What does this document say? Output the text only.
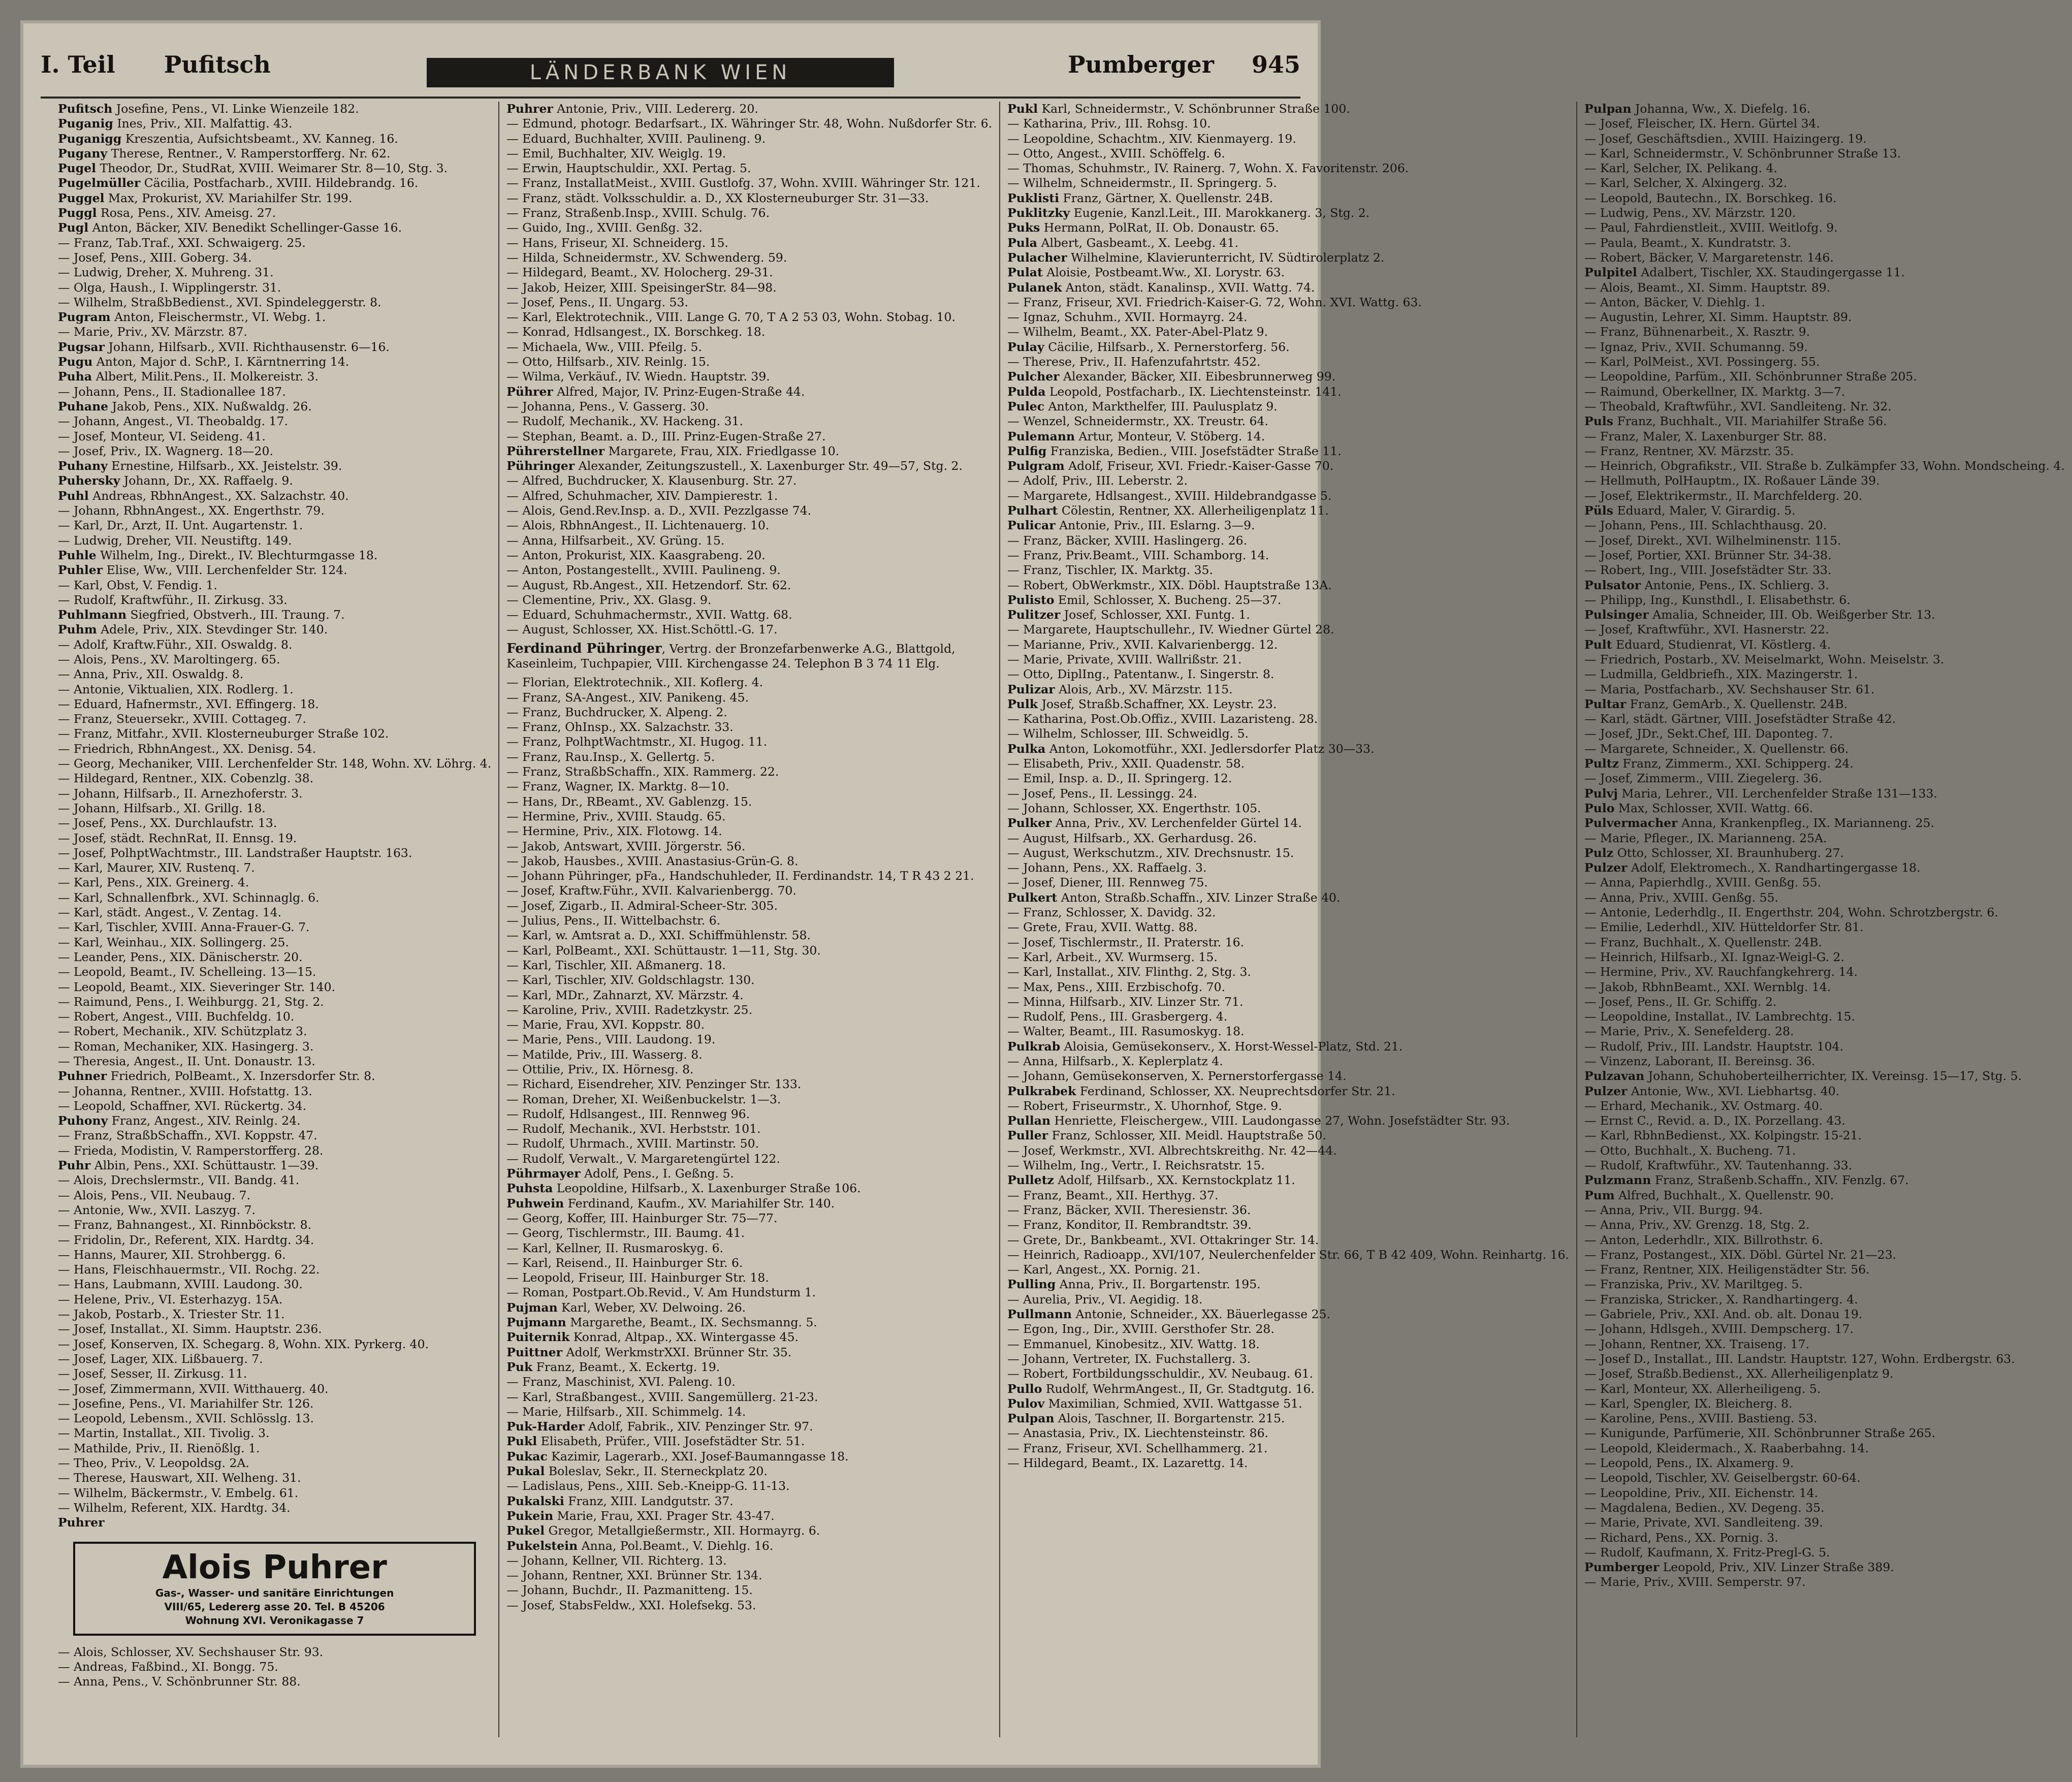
I. Teil Pufitsch	LÄNDERBANK WIEN	Pumberger 945
Pufitsch Josefine, Pens., VI. Linke Wienzeile 182.
Puganig Ines, Priv., XII. Malfattig. 43.
Puganigg Kreszentia, Aufsichtsbeamt., XV. Kanneg. 16.
Pugany Therese, Rentner., V. Ramperstorfferg. Nr. 62.
Pugel Theodor, Dr., StudRat, XVIII. Weimarer Str. 8—10, Stg. 3.
Pugelmüller Cäcilia, Postfacharb., XVIII. Hildebrandg. 16.
Puggel Max, Prokurist, XV. Mariahilfer Str. 199.
Puggl Rosa, Pens., XIV. Ameisg. 27.
Pugl Anton, Bäcker, XIV. Benedikt Schellinger-Gasse 16.
— Franz, Tab.Traf., XXI. Schwaigerg. 25.
— Josef, Pens., XIII. Goberg. 34.
— Ludwig, Dreher, X. Muhreng. 31.
— Olga, Haush., I. Wipplingerstr. 31.
— Wilhelm, StraßbBedienst., XVI. Spindeleggerstr. 8.
Pugram Anton, Fleischermstr., VI. Webg. 1.
— Marie, Priv., XV. Märzstr. 87.
Pugsar Johann, Hilfsarb., XVII. Richthausenstr. 6—16.
Pugu Anton, Major d. SchP., I. Kärntnerring 14.
Puha Albert, Milit.Pens., II. Molkereistr. 3.
— Johann, Pens., II. Stadionallee 187.
Puhane Jakob, Pens., XIX. Nußwaldg. 26.
— Johann, Angest., VI. Theobaldg. 17.
— Josef, Monteur, VI. Seideng. 41.
— Josef, Priv., IX. Wagnerg. 18—20.
Puhany Ernestine, Hilfsarb., XX. Jeistelstr. 39.
Puhersky Johann, Dr., XX. Raffaelg. 9.
Puhl Andreas, RbhnAngest., XX. Salzachstr. 40.
— Johann, RbhnAngest., XX. Engerthstr. 79.
— Karl, Dr., Arzt, II. Unt. Augartenstr. 1.
— Ludwig, Dreher, VII. Neustiftg. 149.
Puhle Wilhelm, Ing., Direkt., IV. Blechturmgasse 18.
Puhler Elise, Ww., VIII. Lerchenfelder Str. 124.
— Karl, Obst, V. Fendig. 1.
— Rudolf, Kraftwführ., II. Zirkusg. 33.
Puhlmann Siegfried, Obstverh., III. Traung. 7.
Puhm Adele, Priv., XIX. Stevdinger Str. 140.
— Adolf, Kraftw.Führ., XII. Oswaldg. 8.
— Alois, Pens., XV. Maroltingerg. 65.
— Anna, Priv., XII. Oswaldg. 8.
— Antonie, Viktualien, XIX. Rodlerg. 1.
— Eduard, Hafnermstr., XVI. Effingerg. 18.
— Franz, Steuersekr., XVIII. Cottageg. 7.
— Franz, Mitfahr., XVII. Klosterneuburger Straße 102.
— Friedrich, RbhnAngest., XX. Denisg. 54.
— Georg, Mechaniker, VIII. Lerchenfelder Str. 148, Wohn. XV. Löhrg. 4.
— Hildegard, Rentner., XIX. Cobenzlg. 38.
— Johann, Hilfsarb., II. Arnezhoferstr. 3.
— Johann, Hilfsarb., XI. Grillg. 18.
— Josef, Pens., XX. Durchlaufstr. 13.
— Josef, städt. RechnRat, II. Ennsg. 19.
— Josef, PolhptWachtmstr., III. Landstraßer Hauptstr. 163.
— Karl, Maurer, XIV. Rustenq. 7.
— Karl, Pens., XIX. Greinerg. 4.
— Karl, Schnallenfbrk., XVI. Schinnaglg. 6.
— Karl, städt. Angest., V. Zentag. 14.
— Karl, Tischler, XVIII. Anna-Frauer-G. 7.
— Karl, Weinhau., XIX. Sollingerg. 25.
— Leander, Pens., XIX. Dänischerstr. 20.
— Leopold, Beamt., IV. Schelleing. 13—15.
— Leopold, Beamt., XIX. Sieveringer Str. 140.
— Raimund, Pens., I. Weihburgg. 21, Stg. 2.
— Robert, Angest., VIII. Buchfeldg. 10.
— Robert, Mechanik., XIV. Schützplatz 3.
— Roman, Mechaniker, XIX. Hasingerg. 3.
— Theresia, Angest., II. Unt. Donaustr. 13.
Puhner Friedrich, PolBeamt., X. Inzersdorfer Str. 8.
— Johanna, Rentner., XVIII. Hofstattg. 13.
— Leopold, Schaffner, XVI. Rückertg. 34.
Puhony Franz, Angest., XIV. Reinlg. 24.
— Franz, StraßbSchaffn., XVI. Koppstr. 47.
— Frieda, Modistin, V. Ramperstorfferg. 28.
Puhr Albin, Pens., XXI. Schüttaustr. 1—39.
— Alois, Drechslermstr., VII. Bandg. 41.
— Alois, Pens., VII. Neubaug. 7.
— Antonie, Ww., XVII. Laszyg. 7.
— Franz, Bahnangest., XI. Rinnböckstr. 8.
— Fridolin, Dr., Referent, XIX. Hardtg. 34.
— Hanns, Maurer, XII. Strohbergg. 6.
— Hans, Fleischhauermstr., VII. Rochg. 22.
— Hans, Laubmann, XVIII. Laudong. 30.
— Helene, Priv., VI. Esterhazyg. 15A.
— Jakob, Postarb., X. Triester Str. 11.
— Josef, Installat., XI. Simm. Hauptstr. 236.
— Josef, Konserven, IX. Schegarg. 8, Wohn. XIX. Pyrkerg. 40.
— Josef, Lager, XIX. Lißbauerg. 7.
— Josef, Sesser, II. Zirkusg. 11.
— Josef, Zimmermann, XVII. Witthauerg. 40.
— Josefine, Pens., VI. Mariahilfer Str. 126.
— Leopold, Lebensm., XVII. Schlösslg. 13.
— Martin, Installat., XII. Tivolig. 3.
— Mathilde, Priv., II. Rienößlg. 1.
— Theo, Priv., V. Leopoldsg. 2A.
— Therese, Hauswart, XII. Welheng. 31.
— Wilhelm, Bäckermstr., V. Embelg. 61.
— Wilhelm, Referent, XIX. Hardtg. 34.
Puhrer
Alois Puhrer
Gas-, Wasser- und sanitäre Einrichtungen
VIII/65, Ledererg asse 20. Tel. B 45206
Wohnung XVI. Veronikagasse 7
— Alois, Schlosser, XV. Sechshauser Str. 93.
— Andreas, Faßbind., XI. Bongg. 75.
— Anna, Pens., V. Schönbrunner Str. 88.
Puhrer Antonie, Priv., VIII. Ledererg. 20.
— Edmund, photogr. Bedarfsart., IX. Währinger Str. 48, Wohn. Nußdorfer Str. 6.
— Eduard, Buchhalter, XVIII. Paulineng. 9.
— Emil, Buchhalter, XIV. Weiglg. 19.
— Erwin, Hauptschuldir., XXI. Pertag. 5.
— Franz, InstallatMeist., XVIII. Gustlofg. 37, Wohn. XVIII. Währinger Str. 121.
— Franz, städt. Volksschuldir. a. D., XX Klosterneuburger Str. 31—33.
— Franz, Straßenb.Insp., XVIII. Schulg. 76.
— Guido, Ing., XVIII. Genßg. 32.
— Hans, Friseur, XI. Schneiderg. 15.
— Hilda, Schneidermstr., XV. Schwenderg. 59.
— Hildegard, Beamt., XV. Holocherg. 29-31.
— Jakob, Heizer, XIII. SpeisingerStr. 84—98.
— Josef, Pens., II. Ungarg. 53.
— Karl, Elektrotechnik., VIII. Lange G. 70, T A 2 53 03, Wohn. Stobag. 10.
— Konrad, Hdlsangest., IX. Borschkeg. 18.
— Michaela, Ww., VIII. Pfeilg. 5.
— Otto, Hilfsarb., XIV. Reinlg. 15.
— Wilma, Verkäuf., IV. Wiedn. Hauptstr. 39.
Pührer Alfred, Major, IV. Prinz-Eugen-Straße 44.
— Johanna, Pens., V. Gasserg. 30.
— Rudolf, Mechanik., XV. Hackeng. 31.
— Stephan, Beamt. a. D., III. Prinz-Eugen-Straße 27.
Pührerstellner Margarete, Frau, XIX. Friedlgasse 10.
Pühringer Alexander, Zeitungszustell., X. Laxenburger Str. 49—57, Stg. 2.
— Alfred, Buchdrucker, X. Klausenburg. Str. 27.
— Alfred, Schuhmacher, XIV. Dampierestr. 1.
— Alois, Gend.Rev.Insp. a. D., XVII. Pezzlgasse 74.
— Alois, RbhnAngest., II. Lichtenauerg. 10.
— Anna, Hilfsarbeit., XV. Grüng. 15.
— Anton, Prokurist, XIX. Kaasgrabeng. 20.
— Anton, Postangestellt., XVIII. Paulineng. 9.
— August, Rb.Angest., XII. Hetzendorf. Str. 62.
— Clementine, Priv., XX. Glasg. 9.
— Eduard, Schuhmachermstr., XVII. Wattg. 68.
— August, Schlosser, XX. Hist.Schöttl.-G. 17.
Ferdinand Pühringer, Vertrg. der Bronzefarbenwerke A.G., Blattgold, Kaseinleim, Tuchpapier, VIII. Kirchengasse 24. Telephon B 3 74 11 Elg.
— Florian, Elektrotechnik., XII. Koflerg. 4.
— Franz, SA-Angest., XIV. Panikeng. 45.
— Franz, Buchdrucker, X. Alpeng. 2.
— Franz, OhInsp., XX. Salzachstr. 33.
— Franz, PolhptWachtmstr., XI. Hugog. 11.
— Franz, Rau.Insp., X. Gellertg. 5.
— Franz, StraßbSchaffn., XIX. Rammerg. 22.
— Franz, Wagner, IX. Marktg. 8—10.
— Hans, Dr., RBeamt., XV. Gablenzg. 15.
— Hermine, Priv., XVIII. Staudg. 65.
— Hermine, Priv., XIX. Flotowg. 14.
— Jakob, Antswart, XVIII. Jörgerstr. 56.
— Jakob, Hausbes., XVIII. Anastasius-Grün-G. 8.
— Johann Pühringer, pFa., Handschuhleder, II. Ferdinandstr. 14, T R 43 2 21.
— Josef, Kraftw.Führ., XVII. Kalvarienbergg. 70.
— Josef, Zigarb., II. Admiral-Scheer-Str. 305.
— Julius, Pens., II. Wittelbachstr. 6.
— Karl, w. Amtsrat a. D., XXI. Schiffmühlenstr. 58.
— Karl, PolBeamt., XXI. Schüttaustr. 1—11, Stg. 30.
— Karl, Tischler, XII. Aßmanerg. 18.
— Karl, Tischler, XIV. Goldschlagstr. 130.
— Karl, MDr., Zahnarzt, XV. Märzstr. 4.
— Karoline, Priv., XVIII. Radetzkystr. 25.
— Marie, Frau, XVI. Koppstr. 80.
— Marie, Pens., VIII. Laudong. 19.
— Matilde, Priv., III. Wasserg. 8.
— Ottilie, Priv., IX. Hörnesg. 8.
— Richard, Eisendreher, XIV. Penzinger Str. 133.
— Roman, Dreher, XI. Weißenbuckelstr. 1—3.
— Rudolf, Hdlsangest., III. Rennweg 96.
— Rudolf, Mechanik., XVI. Herbststr. 101.
— Rudolf, Uhrmach., XVIII. Martinstr. 50.
— Rudolf, Verwalt., V. Margaretengürtel 122.
Pührmayer Adolf, Pens., I. Geßng. 5.
Puhsta Leopoldine, Hilfsarb., X. Laxenburger Straße 106.
Puhwein Ferdinand, Kaufm., XV. Mariahilfer Str. 140.
— Georg, Koffer, III. Hainburger Str. 75—77.
— Georg, Tischlermstr., III. Baumg. 41.
— Karl, Kellner, II. Rusmaroskyg. 6.
— Karl, Reisend., II. Hainburger Str. 6.
— Leopold, Friseur, III. Hainburger Str. 18.
— Roman, Postpart.Ob.Revid., V. Am Hundsturm 1.
Pujman Karl, Weber, XV. Delwoing. 26.
Pujmann Margarethe, Beamt., IX. Sechsmanng. 5.
Puiternik Konrad, Altpap., XX. Wintergasse 45.
Puittner Adolf, WerkmstrXXI. Brünner Str. 35.
Puk Franz, Beamt., X. Eckertg. 19.
— Franz, Maschinist, XVI. Paleng. 10.
— Karl, Straßbangest., XVIII. Sangemüllerg. 21-23.
— Marie, Hilfsarb., XII. Schimmelg. 14.
Puk-Harder Adolf, Fabrik., XIV. Penzinger Str. 97.
Pukl Elisabeth, Prüfer., VIII. Josefstädter Str. 51.
Pukac Kazimir, Lagerarb., XXI. Josef-Baumanngasse 18.
Pukal Boleslav, Sekr., II. Sterneckplatz 20.
— Ladislaus, Pens., XIII. Seb.-Kneipp-G. 11-13.
Pukalski Franz, XIII. Landgutstr. 37.
Pukein Marie, Frau, XXI. Prager Str. 43-47.
Pukel Gregor, Metallgießermstr., XII. Hormayrg. 6.
Pukelstein Anna, Pol.Beamt., V. Diehlg. 16.
— Johann, Kellner, VII. Richterg. 13.
— Johann, Rentner, XXI. Brünner Str. 134.
— Johann, Buchdr., II. Pazmanitteng. 15.
— Josef, StabsFeldw., XXI. Holefsekg. 53.
Pukl Karl, Schneidermstr., V. Schönbrunner Straße 100.
— Katharina, Priv., III. Rohsg. 10.
— Leopoldine, Schachtm., XIV. Kienmayerg. 19.
— Otto, Angest., XVIII. Schöffelg. 6.
— Thomas, Schuhmstr., IV. Rainerg. 7, Wohn. X. Favoritenstr. 206.
— Wilhelm, Schneidermstr., II. Springerg. 5.
Puklisti Franz, Gärtner, X. Quellenstr. 24B.
Puklitzky Eugenie, Kanzl.Leit., III. Marokkanerg. 3, Stg. 2.
Puks Hermann, PolRat, II. Ob. Donaustr. 65.
Pula Albert, Gasbeamt., X. Leebg. 41.
Pulacher Wilhelmine, Klavierunterricht, IV. Südtirolerplatz 2.
Pulat Aloisie, Postbeamt.Ww., XI. Lorystr. 63.
Pulanek Anton, städt. Kanalinsp., XVII. Wattg. 74.
— Franz, Friseur, XVI. Friedrich-Kaiser-G. 72, Wohn. XVI. Wattg. 63.
— Ignaz, Schuhm., XVII. Hormayrg. 24.
— Wilhelm, Beamt., XX. Pater-Abel-Platz 9.
Pulay Cäcilie, Hilfsarb., X. Pernerstorferg. 56.
— Therese, Priv., II. Hafenzufahrtstr. 452.
Pulcher Alexander, Bäcker, XII. Eibesbrunnerweg 99.
Pulda Leopold, Postfacharb., IX. Liechtensteinstr. 141.
Pulec Anton, Markthelfer, III. Paulusplatz 9.
— Wenzel, Schneidermstr., XX. Treustr. 64.
Pulemann Artur, Monteur, V. Stöberg. 14.
Pulfig Franziska, Bedien., VIII. Josefstädter Straße 11.
Pulgram Adolf, Friseur, XVI. Friedr.-Kaiser-Gasse 70.
— Adolf, Priv., III. Leberstr. 2.
— Margarete, Hdlsangest., XVIII. Hildebrandgasse 5.
Pulhart Cölestin, Rentner, XX. Allerheiligenplatz 11.
Pulicar Antonie, Priv., III. Eslarng. 3—9.
— Franz, Bäcker, XVIII. Haslingerg. 26.
— Franz, Priv.Beamt., VIII. Schamborg. 14.
— Franz, Tischler, IX. Marktg. 35.
— Robert, ObWerkmstr., XIX. Döbl. Hauptstraße 13A.
Pulisto Emil, Schlosser, X. Bucheng. 25—37.
Pulitzer Josef, Schlosser, XXI. Funtg. 1.
— Margarete, Hauptschullehr., IV. Wiedner Gürtel 28.
— Marianne, Priv., XVII. Kalvarienbergg. 12.
— Marie, Private, XVIII. Wallrißstr. 21.
— Otto, DiplIng., Patentanw., I. Singerstr. 8.
Pulizar Alois, Arb., XV. Märzstr. 115.
Pulk Josef, Straßb.Schaffner, XX. Leystr. 23.
— Katharina, Post.Ob.Offiz., XVIII. Lazaristeng. 28.
— Wilhelm, Schlosser, III. Schweidlg. 5.
Pulka Anton, Lokomotführ., XXI. Jedlersdorfer Platz 30—33.
— Elisabeth, Priv., XXII. Quadenstr. 58.
— Emil, Insp. a. D., II. Springerg. 12.
— Josef, Pens., II. Lessingg. 24.
— Johann, Schlosser, XX. Engerthstr. 105.
Pulker Anna, Priv., XV. Lerchenfelder Gürtel 14.
— August, Hilfsarb., XX. Gerhardusg. 26.
— August, Werkschutzm., XIV. Drechsnustr. 15.
— Johann, Pens., XX. Raffaelg. 3.
— Josef, Diener, III. Rennweg 75.
Pulkert Anton, Straßb.Schaffn., XIV. Linzer Straße 40.
— Franz, Schlosser, X. Davidg. 32.
— Grete, Frau, XVII. Wattg. 88.
— Josef, Tischlermstr., II. Praterstr. 16.
— Karl, Arbeit., XV. Wurmserg. 15.
— Karl, Installat., XIV. Flinthg. 2, Stg. 3.
— Max, Pens., XIII. Erzbischofg. 70.
— Minna, Hilfsarb., XIV. Linzer Str. 71.
— Rudolf, Pens., III. Grasbergerg. 4.
— Walter, Beamt., III. Rasumoskyg. 18.
Pulkrab Aloisia, Gemüsekonserv., X. Horst-Wessel-Platz, Std. 21.
— Anna, Hilfsarb., X. Keplerplatz 4.
— Johann, Gemüsekonserven, X. Pernerstorfergasse 14.
Pulkrabek Ferdinand, Schlosser, XX. Neuprechtsdorfer Str. 21.
— Robert, Friseurmstr., X. Uhornhof, Stge. 9.
Pullan Henriette, Fleischergew., VIII. Laudongasse 27, Wohn. Josefstädter Str. 93.
Puller Franz, Schlosser, XII. Meidl. Hauptstraße 50.
— Josef, Werkmstr., XVI. Albrechtskreithg. Nr. 42—44.
— Wilhelm, Ing., Vertr., I. Reichsratstr. 15.
Pulletz Adolf, Hilfsarb., XX. Kernstockplatz 11.
— Franz, Beamt., XII. Herthyg. 37.
— Franz, Bäcker, XVII. Theresienstr. 36.
— Franz, Konditor, II. Rembrandtstr. 39.
— Grete, Dr., Bankbeamt., XVI. Ottakringer Str. 14.
— Heinrich, Radioapp., XVI/107, Neulerchenfelder Str. 66, T B 42 409, Wohn. Reinhartg. 16.
— Karl, Angest., XX. Pornig. 21.
Pulling Anna, Priv., II. Borgartenstr. 195.
— Aurelia, Priv., VI. Aegidig. 18.
Pullmann Antonie, Schneider., XX. Bäuerlegasse 25.
— Egon, Ing., Dir., XVIII. Gersthofer Str. 28.
— Emmanuel, Kinobesitz., XIV. Wattg. 18.
— Johann, Vertreter, IX. Fuchstallerg. 3.
— Robert, Fortbildungsschuldir., XV. Neubaug. 61.
Pullo Rudolf, WehrmAngest., II, Gr. Stadtgutg. 16.
Pulov Maximilian, Schmied, XVII. Wattgasse 51.
Pulpan Alois, Taschner, II. Borgartenstr. 215.
— Anastasia, Priv., IX. Liechtensteinstr. 86.
— Franz, Friseur, XVI. Schellhammerg. 21.
— Hildegard, Beamt., IX. Lazarettg. 14.
Pulpan Johanna, Ww., X. Diefelg. 16.
— Josef, Fleischer, IX. Hern. Gürtel 34.
— Josef, Geschäftsdien., XVIII. Haizingerg. 19.
— Karl, Schneidermstr., V. Schönbrunner Straße 13.
— Karl, Selcher, IX. Pelikang. 4.
— Karl, Selcher, X. Alxingerg. 32.
— Leopold, Bautechn., IX. Borschkeg. 16.
— Ludwig, Pens., XV. Märzstr. 120.
— Paul, Fahrdienstleit., XVIII. Weitlofg. 9.
— Paula, Beamt., X. Kundratstr. 3.
— Robert, Bäcker, V. Margaretenstr. 146.
Pulpitel Adalbert, Tischler, XX. Staudingergasse 11.
— Alois, Beamt., XI. Simm. Hauptstr. 89.
— Anton, Bäcker, V. Diehlg. 1.
— Augustin, Lehrer, XI. Simm. Hauptstr. 89.
— Franz, Bühnenarbeit., X. Rasztr. 9.
— Ignaz, Priv., XVII. Schumanng. 59.
— Karl, PolMeist., XVI. Possingerg. 55.
— Leopoldine, Parfüm., XII. Schönbrunner Straße 205.
— Raimund, Oberkellner, IX. Marktg. 3—7.
— Theobald, Kraftwführ., XVI. Sandleiteng. Nr. 32.
Puls Franz, Buchhalt., VII. Mariahilfer Straße 56.
— Franz, Maler, X. Laxenburger Str. 88.
— Franz, Rentner, XV. Märzstr. 35.
— Heinrich, Obgrafikstr., VII. Straße b. Zulkämpfer 33, Wohn. Mondscheing. 4.
— Hellmuth, PolHauptm., IX. Roßauer Lände 39.
— Josef, Elektrikermstr., II. Marchfelderg. 20.
Püls Eduard, Maler, V. Girardig. 5.
— Johann, Pens., III. Schlachthausg. 20.
— Josef, Direkt., XVI. Wilhelminenstr. 115.
— Josef, Portier, XXI. Brünner Str. 34-38.
— Robert, Ing., VIII. Josefstädter Str. 33.
Pulsator Antonie, Pens., IX. Schlierg. 3.
— Philipp, Ing., Kunsthdl., I. Elisabethstr. 6.
Pulsinger Amalia, Schneider, III. Ob. Weißgerber Str. 13.
— Josef, Kraftwführ., XVI. Hasnerstr. 22.
Pult Eduard, Studienrat, VI. Köstlerg. 4.
— Friedrich, Postarb., XV. Meiselmarkt, Wohn. Meiselstr. 3.
— Ludmilla, Geldbriefh., XIX. Mazingerstr. 1.
— Maria, Postfacharb., XV. Sechshauser Str. 61.
Pultar Franz, GemArb., X. Quellenstr. 24B.
— Karl, städt. Gärtner, VIII. Josefstädter Straße 42.
— Josef, JDr., Sekt.Chef, III. Daponteg. 7.
— Margarete, Schneider., X. Quellenstr. 66.
Pultz Franz, Zimmerm., XXI. Schipperg. 24.
— Josef, Zimmerm., VIII. Ziegelerg. 36.
Pulvj Maria, Lehrer., VII. Lerchenfelder Straße 131—133.
Pulo Max, Schlosser, XVII. Wattg. 66.
Pulvermacher Anna, Krankenpfleg., IX. Marianneng. 25.
— Marie, Pfleger., IX. Marianneng. 25A.
Pulz Otto, Schlosser, XI. Braunhuberg. 27.
Pulzer Adolf, Elektromech., X. Randhartingergasse 18.
— Anna, Papierhdlg., XVIII. Genßg. 55.
— Anna, Priv., XVIII. Genßg. 55.
— Antonie, Lederhdlg., II. Engerthstr. 204, Wohn. Schrotzbergstr. 6.
— Emilie, Lederhdl., XIV. Hütteldorfer Str. 81.
— Franz, Buchhalt., X. Quellenstr. 24B.
— Heinrich, Hilfsarb., XI. Ignaz-Weigl-G. 2.
— Hermine, Priv., XV. Rauchfangkehrerg. 14.
— Jakob, RbhnBeamt., XXI. Wernblg. 14.
— Josef, Pens., II. Gr. Schiffg. 2.
— Leopoldine, Installat., IV. Lambrechtg. 15.
— Marie, Priv., X. Senefelderg. 28.
— Rudolf, Priv., III. Landstr. Hauptstr. 104.
— Vinzenz, Laborant, II. Bereinsg. 36.
Pulzavan Johann, Schuhoberteilherrichter, IX. Vereinsg. 15—17, Stg. 5.
Pulzer Antonie, Ww., XVI. Liebhartsg. 40.
— Erhard, Mechanik., XV. Ostmarg. 40.
— Ernst C., Revid. a. D., IX. Porzellang. 43.
— Karl, RbhnBedienst., XX. Kolpingstr. 15-21.
— Otto, Buchhalt., X. Bucheng. 71.
— Rudolf, Kraftwführ., XV. Tautenhanng. 33.
Pulzmann Franz, Straßenb.Schaffn., XIV. Fenzlg. 67.
Pum Alfred, Buchhalt., X. Quellenstr. 90.
— Anna, Priv., VII. Burgg. 94.
— Anna, Priv., XV. Grenzg. 18, Stg. 2.
— Anton, Lederhdlr., XIX. Billrothstr. 6.
— Franz, Postangest., XIX. Döbl. Gürtel Nr. 21—23.
— Franz, Rentner, XIX. Heiligenstädter Str. 56.
— Franziska, Priv., XV. Mariltgeg. 5.
— Franziska, Stricker., X. Randhartingerg. 4.
— Gabriele, Priv., XXI. And. ob. alt. Donau 19.
— Johann, Hdlsgeh., XVIII. Dempscherg. 17.
— Johann, Rentner, XX. Traiseng. 17.
— Josef D., Installat., III. Landstr. Hauptstr. 127, Wohn. Erdbergstr. 63.
— Josef, Straßb.Bedienst., XX. Allerheiligenplatz 9.
— Karl, Monteur, XX. Allerheiligeng. 5.
— Karl, Spengler, IX. Bleicherg. 8.
— Karoline, Pens., XVIII. Bastieng. 53.
— Kunigunde, Parfümerie, XII. Schönbrunner Straße 265.
— Leopold, Kleidermach., X. Raaberbahng. 14.
— Leopold, Pens., IX. Alxamerg. 9.
— Leopold, Tischler, XV. Geiselbergstr. 60-64.
— Leopoldine, Priv., XII. Eichenstr. 14.
— Magdalena, Bedien., XV. Degeng. 35.
— Marie, Private, XVI. Sandleiteng. 39.
— Richard, Pens., XX. Pornig. 3.
— Rudolf, Kaufmann, X. Fritz-Pregl-G. 5.
Pumberger Leopold, Priv., XIV. Linzer Straße 389.
— Marie, Priv., XVIII. Semperstr. 97.
